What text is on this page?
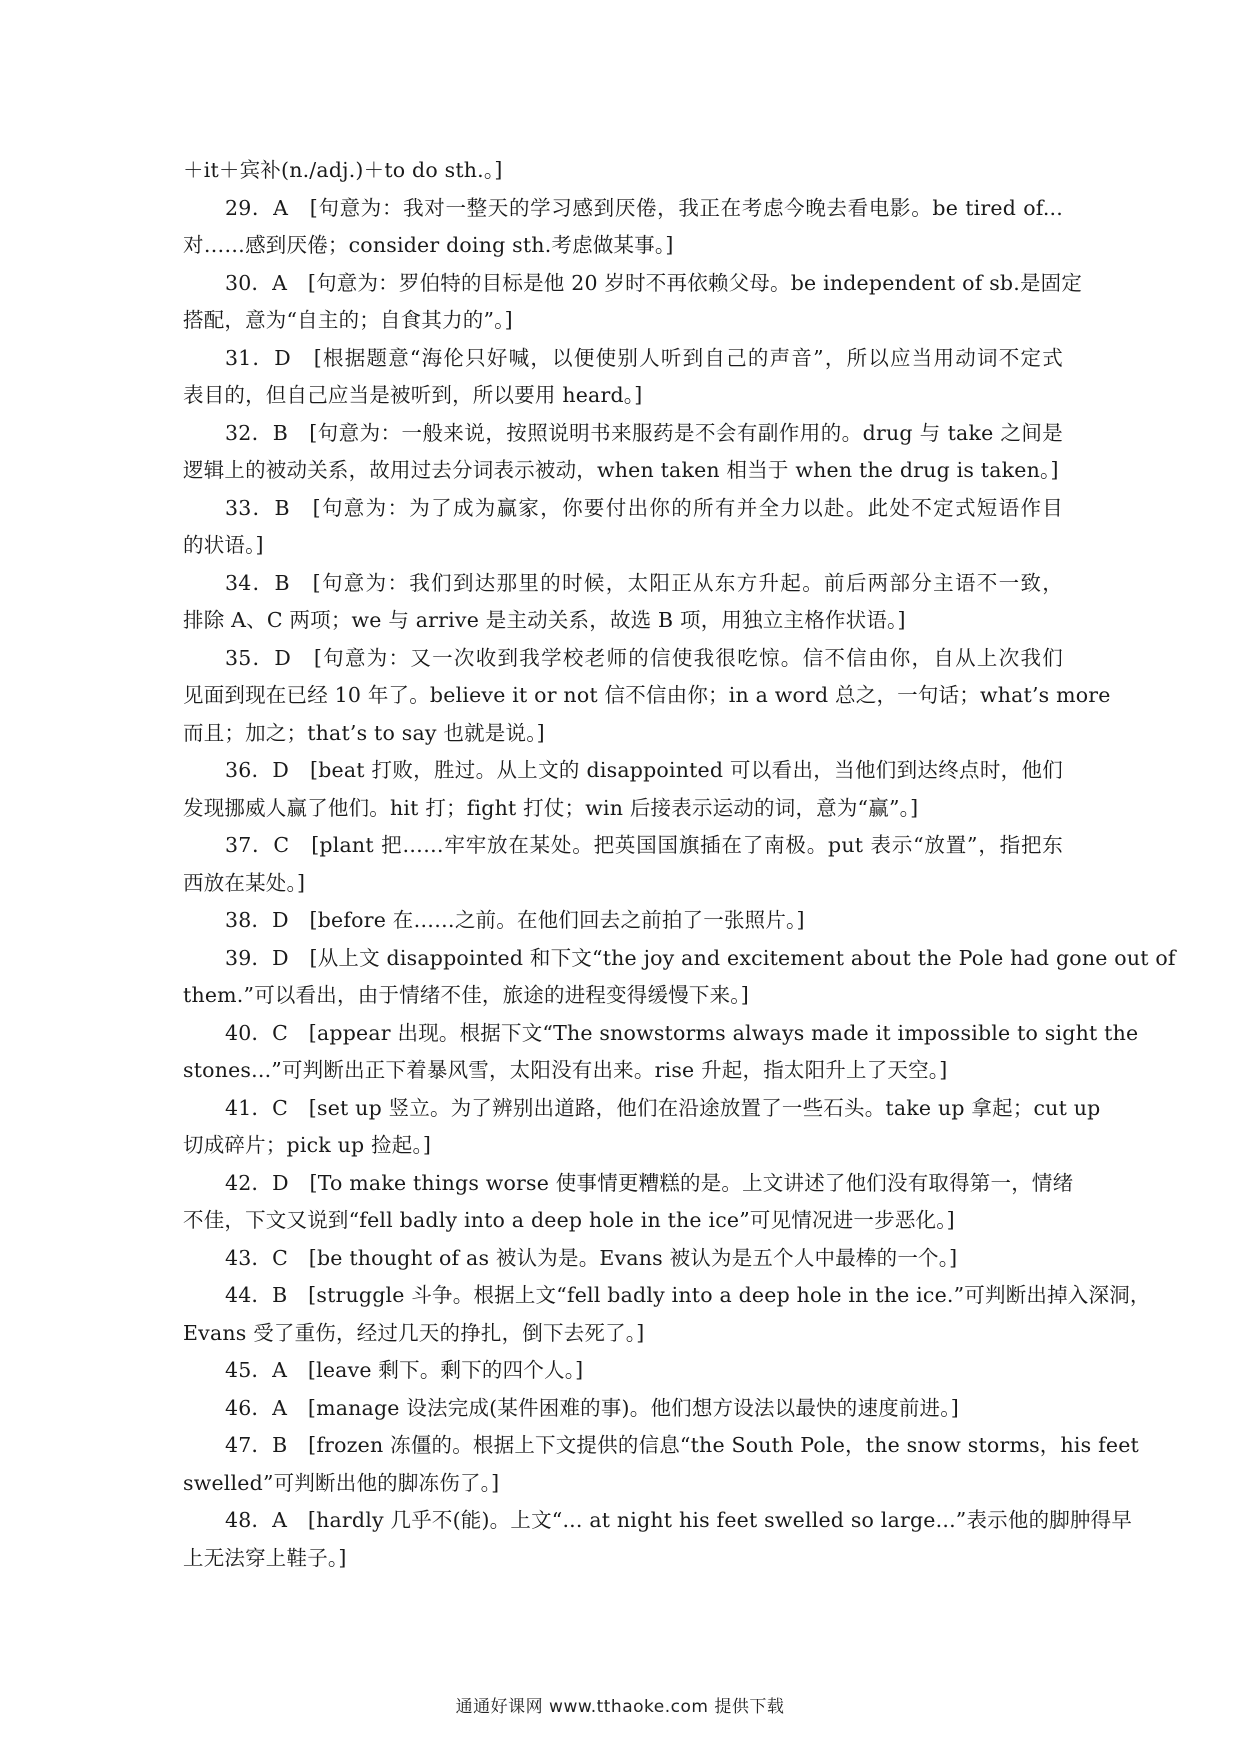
＋it＋宾补(n./adj.)＋to do sth.。]
29．A　[句意为：我对一整天的学习感到厌倦，我正在考虑今晚去看电影。be tired of...
对……感到厌倦；consider doing sth.考虑做某事。]
30．A　[句意为：罗伯特的目标是他 20 岁时不再依赖父母。be independent of sb.是固定
搭配，意为“自主的；自食其力的”。]
31．D　[根据题意“海伦只好喊，以便使别人听到自己的声音”，所以应当用动词不定式
表目的，但自己应当是被听到，所以要用 heard。]
32．B　[句意为：一般来说，按照说明书来服药是不会有副作用的。drug 与 take 之间是
逻辑上的被动关系，故用过去分词表示被动，when taken 相当于 when the drug is taken。]
33．B　[句意为：为了成为赢家，你要付出你的所有并全力以赴。此处不定式短语作目
的状语。]
34．B　[句意为：我们到达那里的时候，太阳正从东方升起。前后两部分主语不一致，
排除 A、C 两项；we 与 arrive 是主动关系，故选 B 项，用独立主格作状语。]
35．D　[句意为：又一次收到我学校老师的信使我很吃惊。信不信由你，自从上次我们
见面到现在已经 10 年了。believe it or not 信不信由你；in a word 总之，一句话；what’s more
而且；加之；that’s to say 也就是说。]
36．D　[beat 打败，胜过。从上文的 disappointed 可以看出，当他们到达终点时，他们
发现挪威人赢了他们。hit 打；fight 打仗；win 后接表示运动的词，意为“赢”。]
37．C　[plant 把……牢牢放在某处。把英国国旗插在了南极。put 表示“放置”，指把东
西放在某处。]
38．D　[before 在……之前。在他们回去之前拍了一张照片。]
39．D　[从上文 disappointed 和下文“the joy and excitement about the Pole had gone out of
them.”可以看出，由于情绪不佳，旅途的进程变得缓慢下来。]
40．C　[appear 出现。根据下文“The snowstorms always made it impossible to sight the
stones...”可判断出正下着暴风雪，太阳没有出来。rise 升起，指太阳升上了天空。]
41．C　[set up 竖立。为了辨别出道路，他们在沿途放置了一些石头。take up 拿起；cut up
切成碎片；pick up 捡起。]
42．D　[To make things worse 使事情更糟糕的是。上文讲述了他们没有取得第一，情绪
不佳，下文又说到“fell badly into a deep hole in the ice”可见情况进一步恶化。]
43．C　[be thought of as 被认为是。Evans 被认为是五个人中最棒的一个。]
44．B　[struggle 斗争。根据上文“fell badly into a deep hole in the ice.”可判断出掉入深洞，
Evans 受了重伤，经过几天的挣扎，倒下去死了。]
45．A　[leave 剩下。剩下的四个人。]
46．A　[manage 设法完成(某件困难的事)。他们想方设法以最快的速度前进。]
47．B　[frozen 冻僵的。根据上下文提供的信息“the South Pole，the snow storms，his feet
swelled”可判断出他的脚冻伤了。]
48．A　[hardly 几乎不(能)。上文“... at night his feet swelled so large...”表示他的脚肿得早
上无法穿上鞋子。]
通通好课网 www.tthaoke.com 提供下载
